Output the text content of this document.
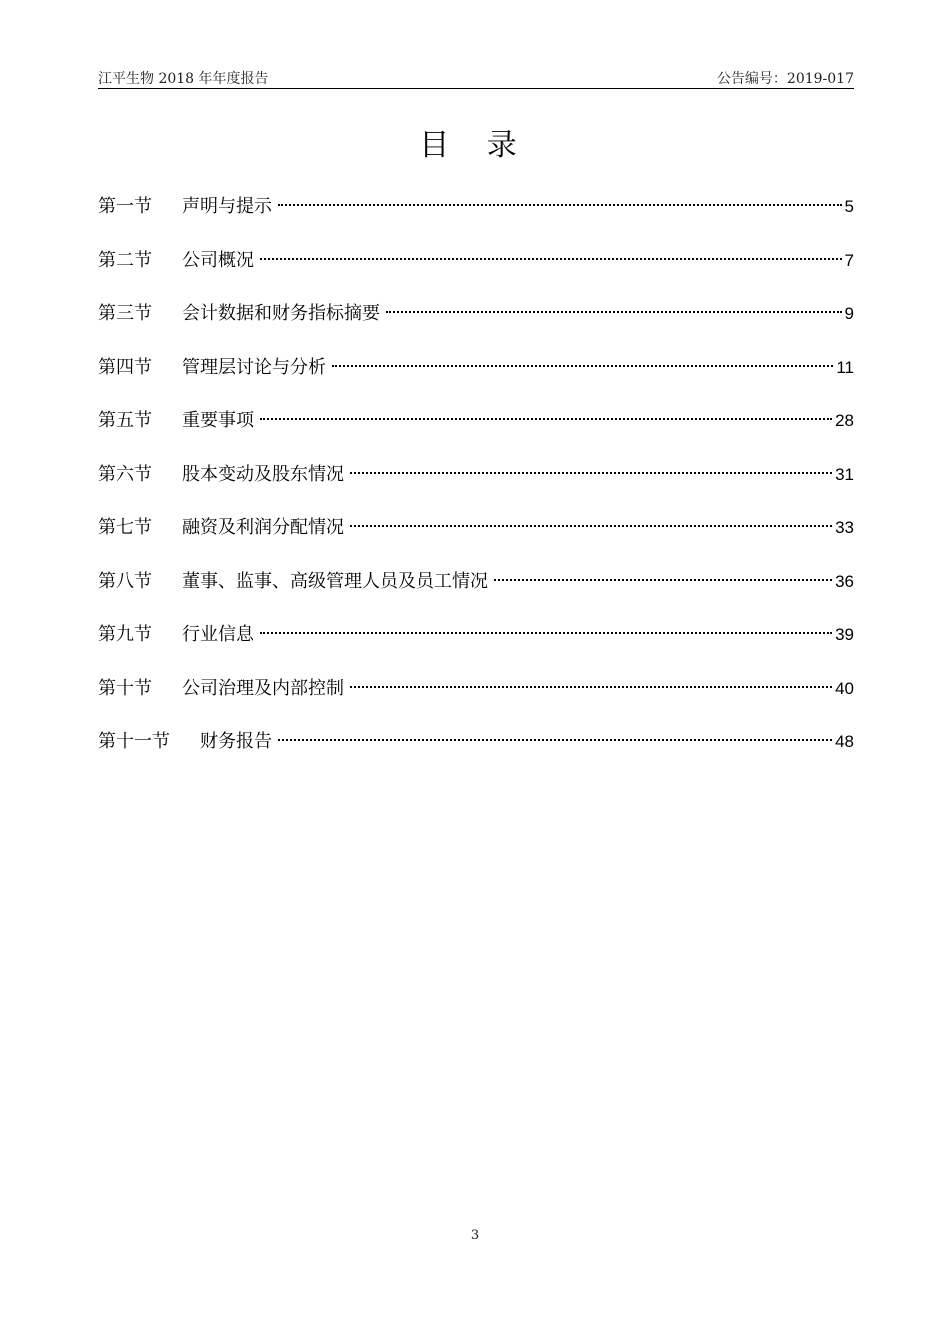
江平生物 2018 年年度报告	公告编号：2019-017
目 录
第一节	声明与提示	5
第二节	公司概况	7
第三节	会计数据和财务指标摘要	9
第四节	管理层讨论与分析	11
第五节	重要事项	28
第六节	股本变动及股东情况	31
第七节	融资及利润分配情况	33
第八节	董事、监事、高级管理人员及员工情况	36
第九节	行业信息	39
第十节	公司治理及内部控制	40
第十一节	财务报告	48
3
